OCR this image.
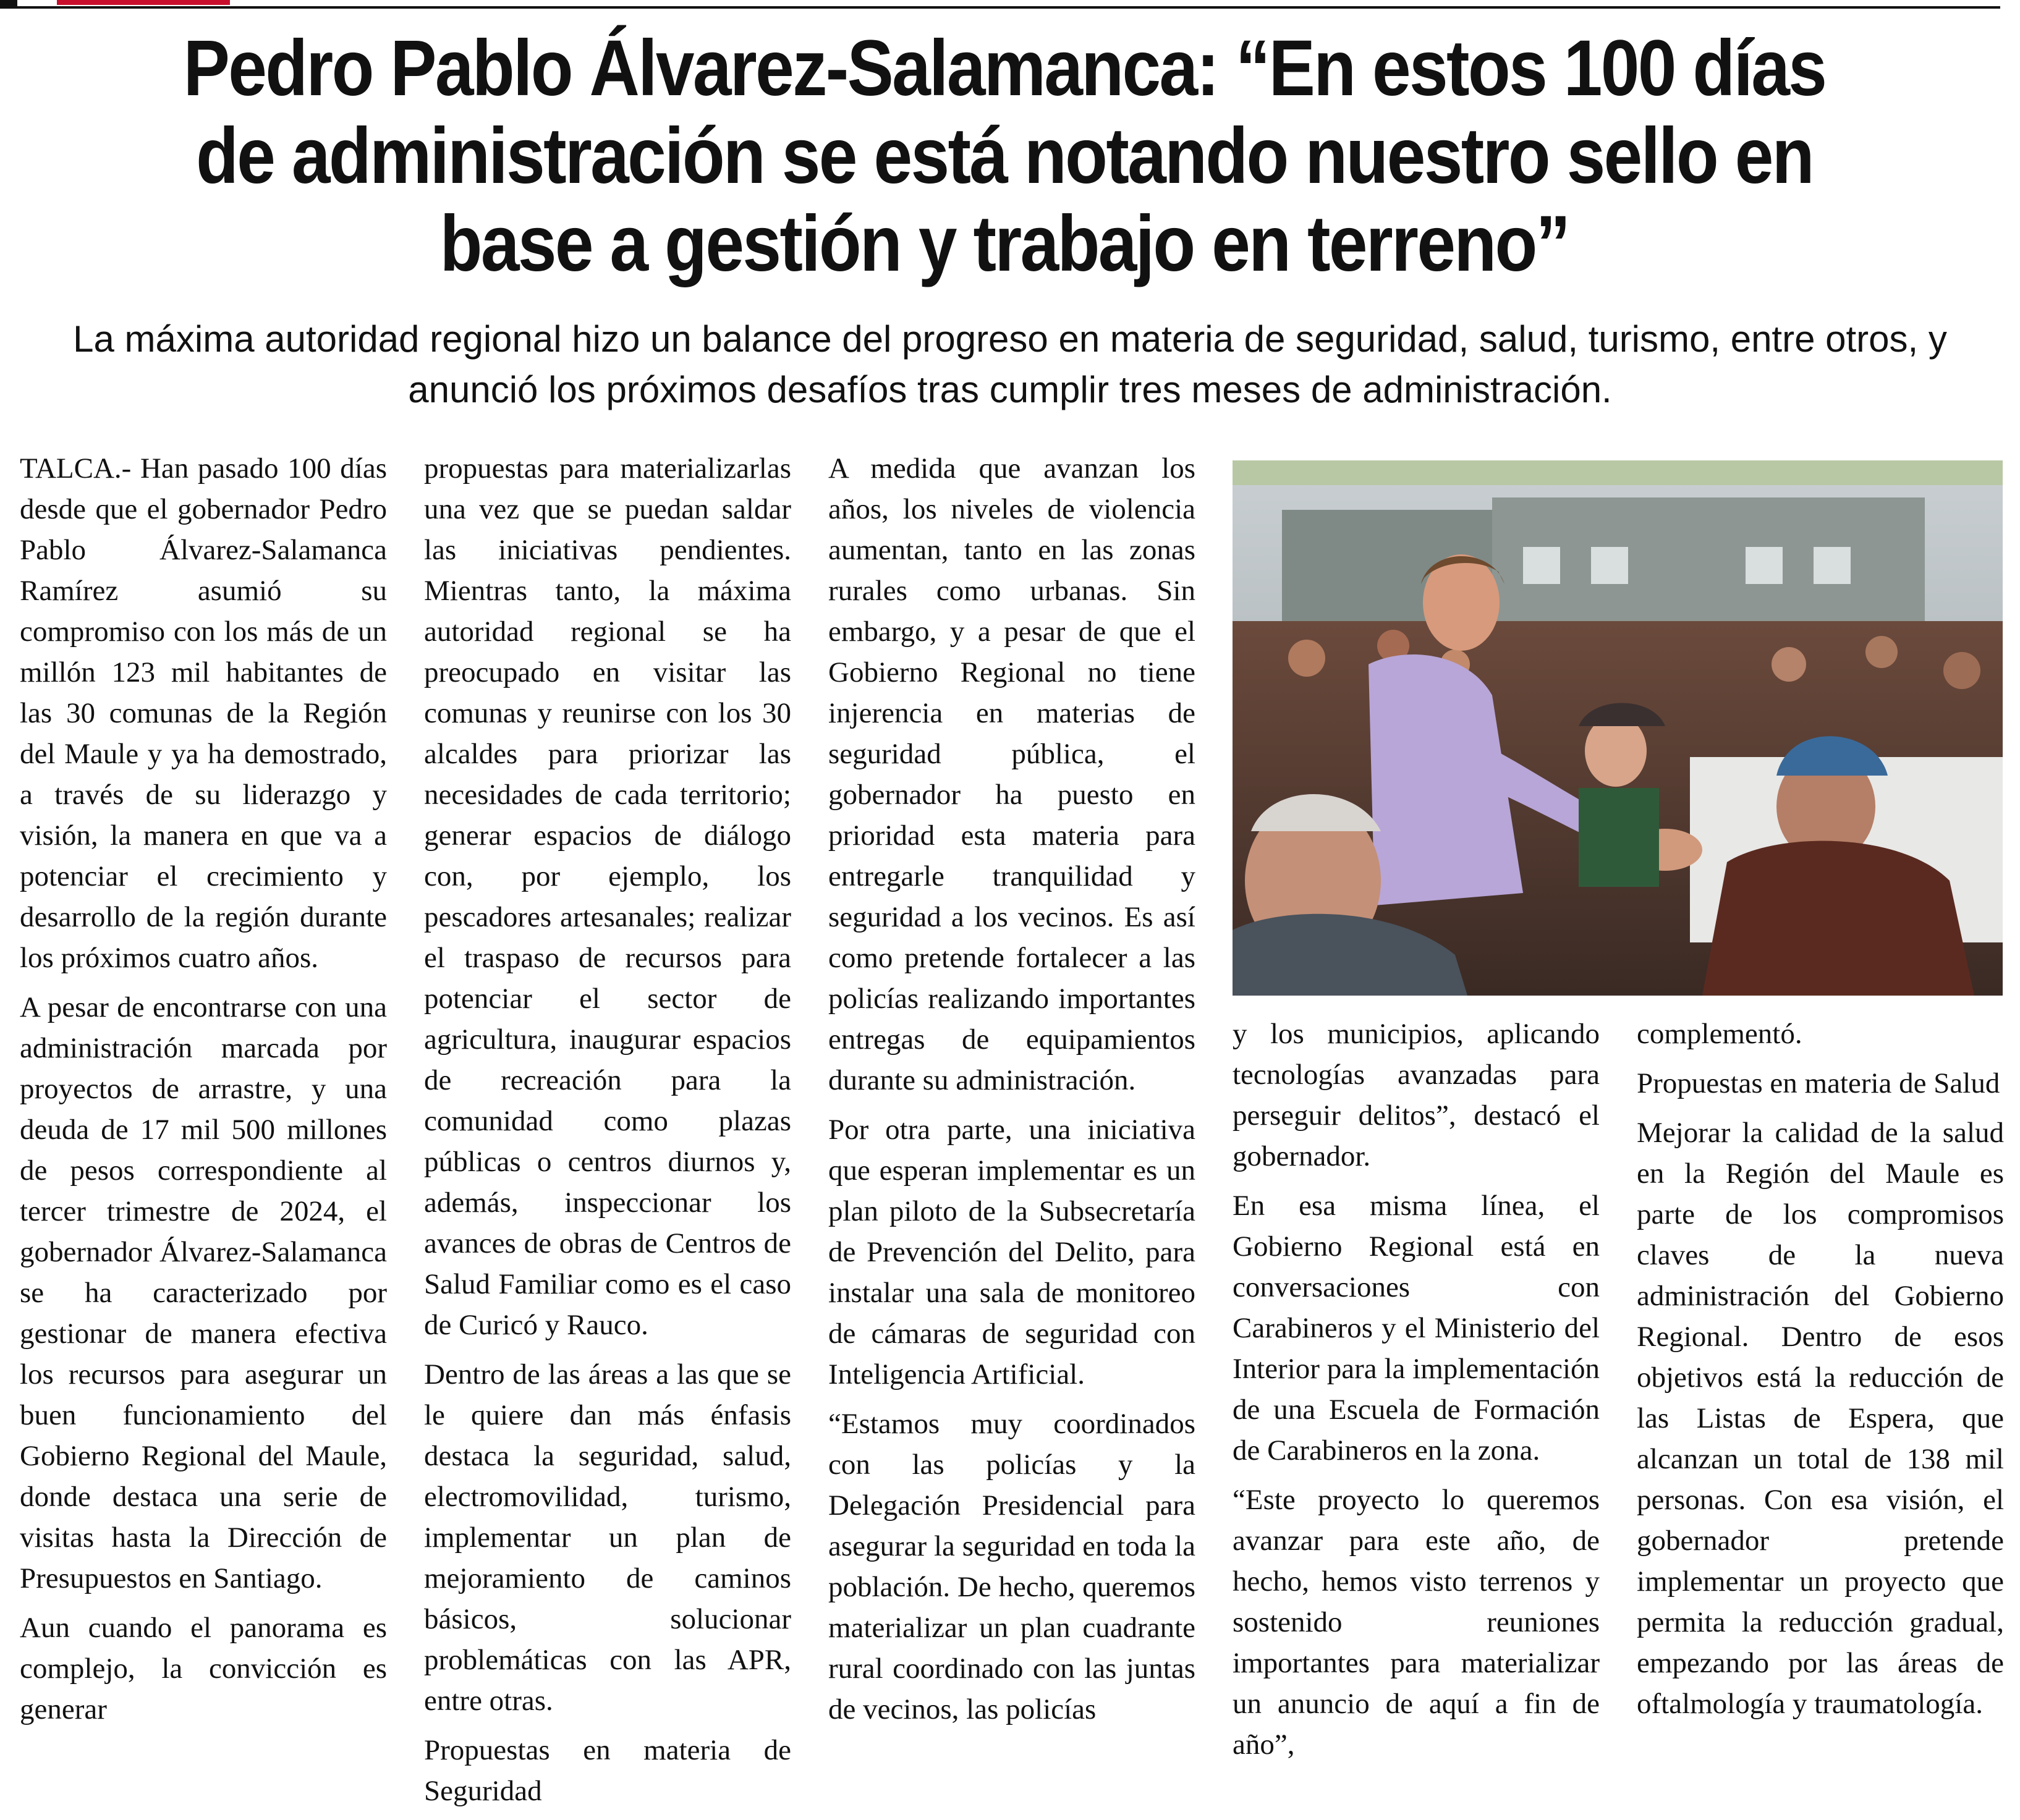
Pedro Pablo Álvarez-Salamanca: “En estos 100 días de administración se está notando nuestro sello en base a gestión y trabajo en terreno”

La máxima autoridad regional hizo un balance del progreso en materia de seguridad, salud, turismo, entre otros, y anunció los próximos desafíos tras cumplir tres meses de administración.

TALCA.- Han pasado 100 días desde que el gobernador Pedro Pablo Álvarez-Salamanca Ramírez asumió su compromiso con los más de un millón 123 mil habitantes de las 30 comunas de la Región del Maule y ya ha demostrado, a través de su liderazgo y visión, la manera en que va a potenciar el crecimiento y desarrollo de la región durante los próximos cuatro años.

A pesar de encontrarse con una administración marcada por proyectos de arrastre, y una deuda de 17 mil 500 millones de pesos correspondiente al tercer trimestre de 2024, el gobernador Álvarez-Salamanca se ha caracterizado por gestionar de manera efectiva los recursos para asegurar un buen funcionamiento del Gobierno Regional del Maule, donde destaca una serie de visitas hasta la Dirección de Presupuestos en Santiago.

Aun cuando el panorama es complejo, la convicción es generar

propuestas para materializarlas una vez que se puedan saldar las iniciativas pendientes. Mientras tanto, la máxima autoridad regional se ha preocupado en visitar las comunas y reunirse con los 30 alcaldes para priorizar las necesidades de cada territorio; generar espacios de diálogo con, por ejemplo, los pescadores artesanales; realizar el traspaso de recursos para potenciar el sector de agricultura, inaugurar espacios de recreación para la comunidad como plazas públicas o centros diurnos y, además, inspeccionar los avances de obras de Centros de Salud Familiar como es el caso de Curicó y Rauco.

Dentro de las áreas a las que se le quiere dan más énfasis destaca la seguridad, salud, electromovilidad, turismo, implementar un plan de mejoramiento de caminos básicos, solucionar problemáticas con las APR, entre otras.

Propuestas en materia de Seguridad

A medida que avanzan los años, los niveles de violencia aumentan, tanto en las zonas rurales como urbanas. Sin embargo, y a pesar de que el Gobierno Regional no tiene injerencia en materias de seguridad pública, el gobernador ha puesto en prioridad esta materia para entregarle tranquilidad y seguridad a los vecinos. Es así como pretende fortalecer a las policías realizando importantes entregas de equipamientos durante su administración.

Por otra parte, una iniciativa que esperan implementar es un plan piloto de la Subsecretaría de Prevención del Delito, para instalar una sala de monitoreo de cámaras de seguridad con Inteligencia Artificial.

“Estamos muy coordinados con las policías y la Delegación Presidencial para asegurar la seguridad en toda la población. De hecho, queremos materializar un plan cuadrante rural coordinado con las juntas de vecinos, las policías

y los municipios, aplicando tecnologías avanzadas para perseguir delitos”, destacó el gobernador.

En esa misma línea, el Gobierno Regional está en conversaciones con Carabineros y el Ministerio del Interior para la implementación de una Escuela de Formación de Carabineros en la zona.

“Este proyecto lo queremos avanzar para este año, de hecho, hemos visto terrenos y sostenido reuniones importantes para materializar un anuncio de aquí a fin de año”,

complementó.

Propuestas en materia de Salud

Mejorar la calidad de la salud en la Región del Maule es parte de los compromisos claves de la nueva administración del Gobierno Regional. Dentro de esos objetivos está la reducción de las Listas de Espera, que alcanzan un total de 138 mil personas. Con esa visión, el gobernador pretende implementar un proyecto que permita la reducción gradual, empezando por las áreas de oftalmología y traumatología.
